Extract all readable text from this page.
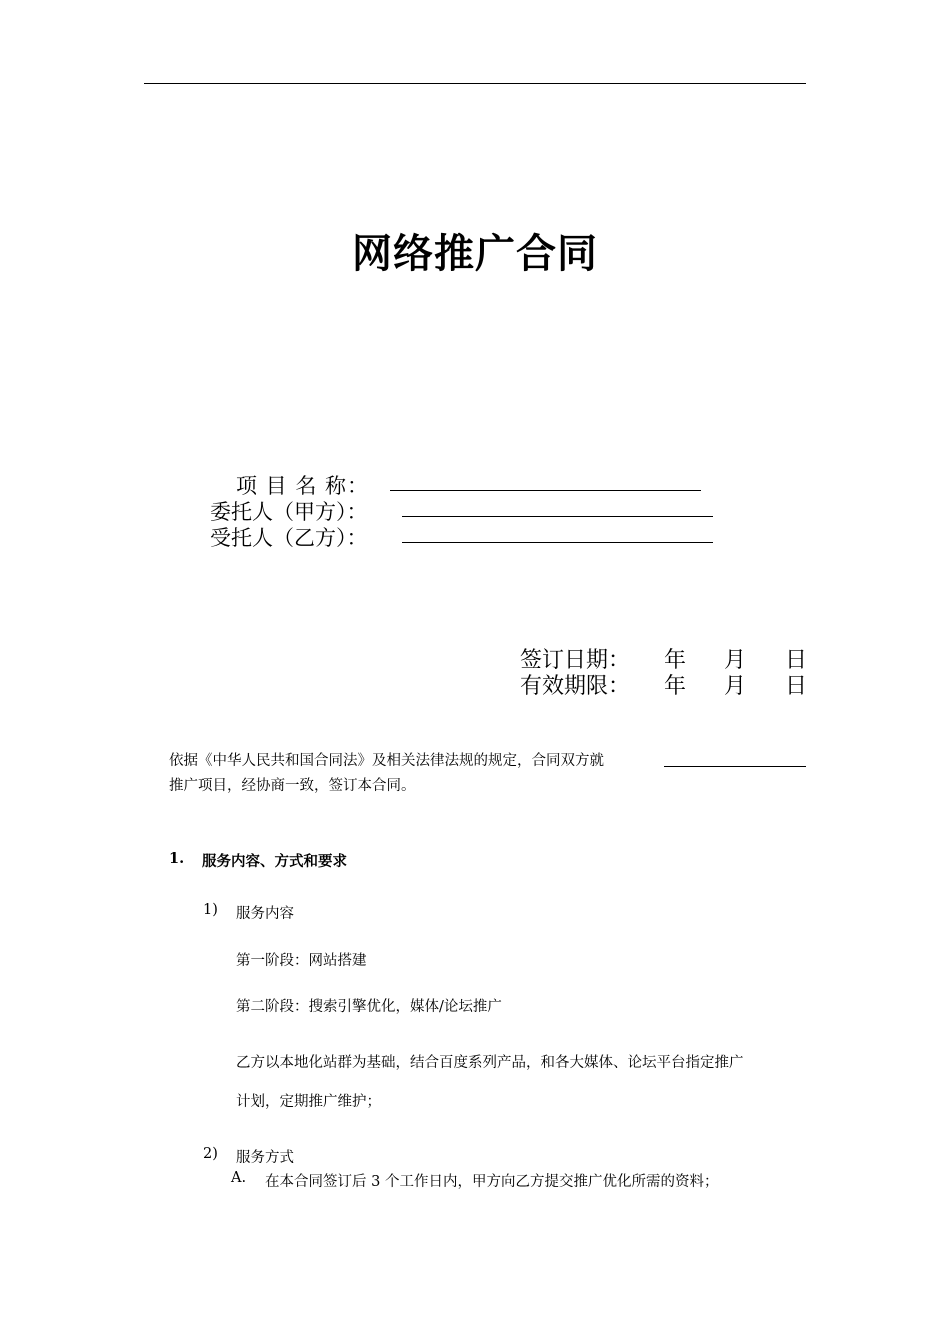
网络推广合同
项 目 名 称：
委托人（甲方）：
受托人（乙方）：
签订日期： 年 月 日
有效期限： 年 月 日
依据《中华人民共和国合同法》及相关法律法规的规定，合同双方就
推广项目，经协商一致，签订本合同。
1. 服务内容、方式和要求
1) 服务内容
第一阶段：网站搭建
第二阶段：搜索引擎优化，媒体/论坛推广
乙方以本地化站群为基础，结合百度系列产品，和各大媒体、论坛平台指定推广
计划，定期推广维护；
2) 服务方式
A. 在本合同签订后 3 个工作日内，甲方向乙方提交推广优化所需的资料；
